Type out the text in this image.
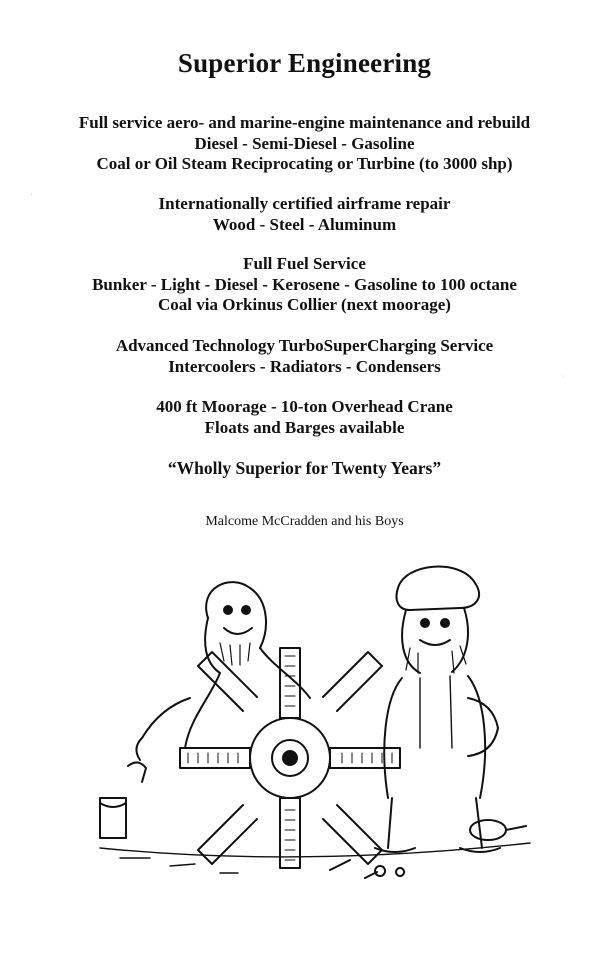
Superior Engineering
Full service aero- and marine-engine maintenance and rebuild
Diesel - Semi-Diesel - Gasoline
Coal or Oil Steam Reciprocating or Turbine (to 3000 shp)
Internationally certified airframe repair
Wood - Steel - Aluminum
Full Fuel Service
Bunker - Light - Diesel - Kerosene - Gasoline to 100 octane
Coal via Orkinus Collier (next moorage)
Advanced Technology TurboSuperCharging Service
Intercoolers - Radiators - Condensers
400 ft Moorage - 10-ton Overhead Crane
Floats and Barges available
“Wholly Superior for Twenty Years”
Malcome McCradden and his Boys
·
·
